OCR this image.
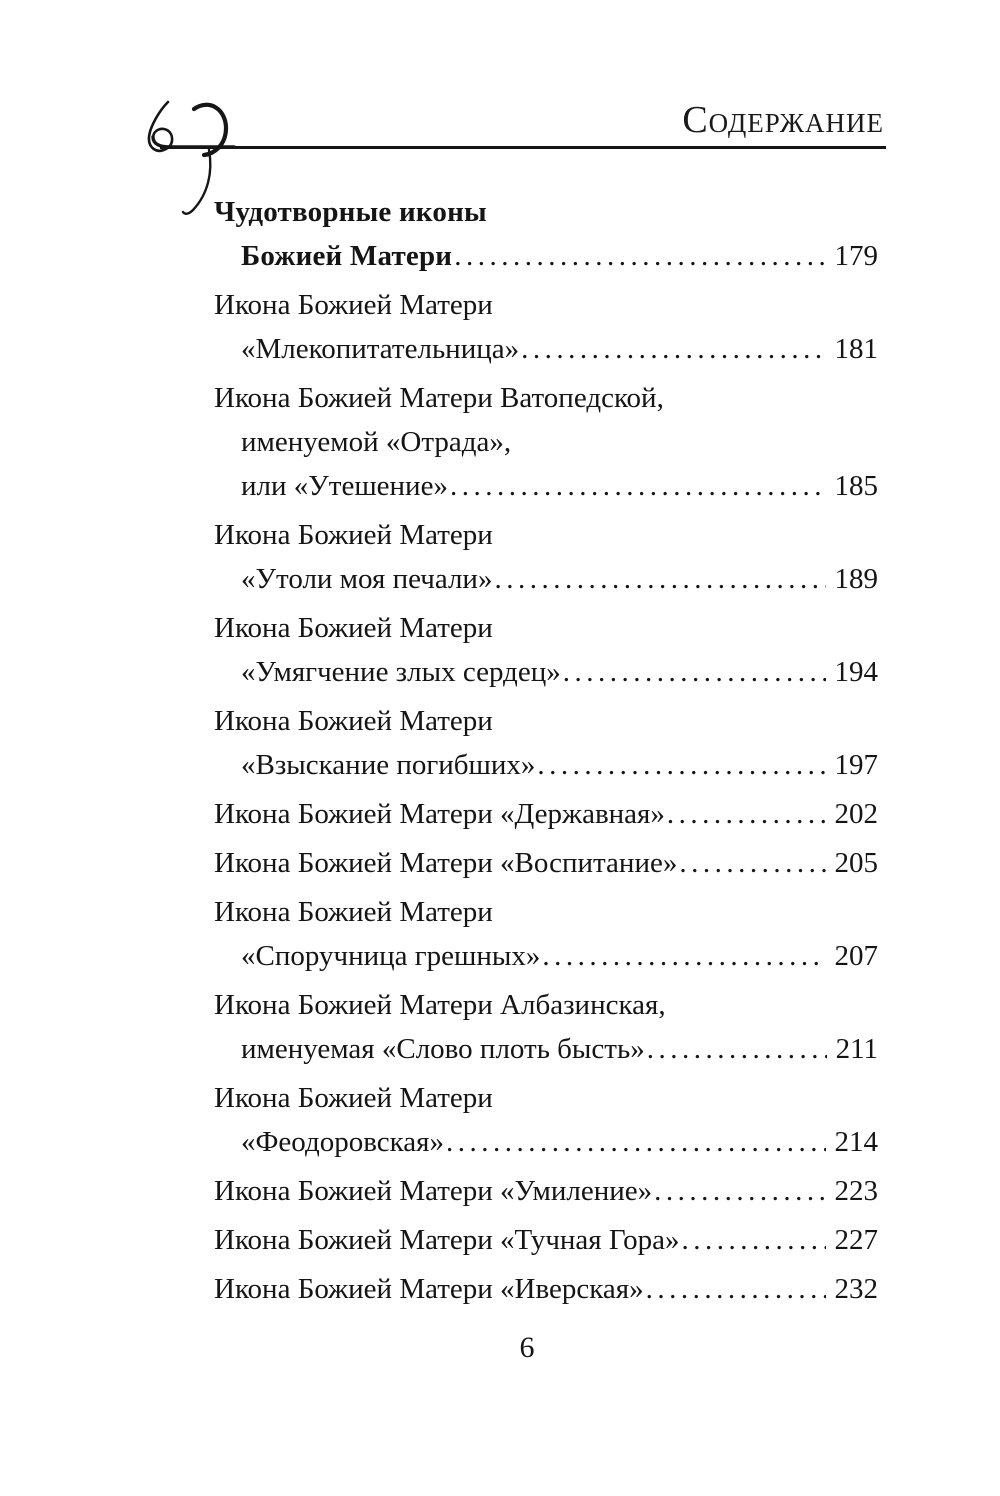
Содержание
Чудотворные иконы
Божией Матери .....	179
Икона Божией Матери
«Млекопитательница» .....	181
Икона Божией Матери Ватопедской,
именуемой «Отрада»,
или «Утешение» .....	185
Икона Божией Матери
«Утоли моя печали» .....	189
Икона Божией Матери
«Умягчение злых сердец» .....	194
Икона Божией Матери
«Взыскание погибших» .....	197
Икона Божией Матери «Державная» .....	202
Икона Божией Матери «Воспитание» .....	205
Икона Божией Матери
«Споручница грешных» .....	207
Икона Божией Матери Албазинская,
именуемая «Слово плоть бысть» .....	211
Икона Божией Матери
«Феодоровская» .....	214
Икона Божией Матери «Умиление» .....	223
Икона Божией Матери «Тучная Гора» .....	227
Икона Божией Матери «Иверская» .....	232
6
